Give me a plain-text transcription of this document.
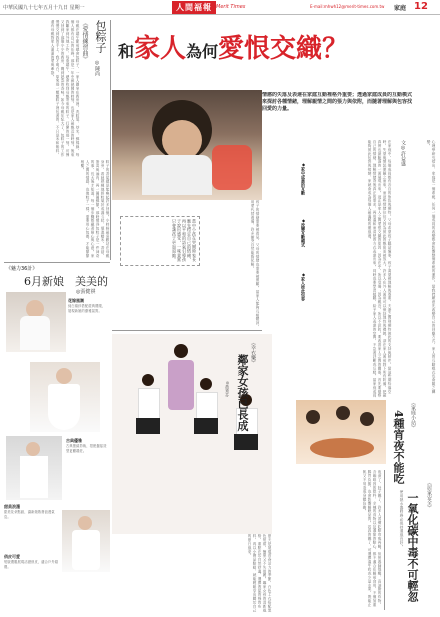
中華民國九十七年五月十九日 星期一	人間福報 Merit Times	E-mail:mhwh12@merit-times.com.tw 家庭 12
母親在端午節前總會包粽子，一家人圍坐在廚房裡，洗粽葉、炒米、綁棉線，每個人都有自己的任務。那是一年中最熱鬧的時刻，也是家人最親近的時刻。後來我離家到外地工作，每逢端午，總會收到母親寄來的粽子，打開的那一刻，彷彿又回到了那個小小的廚房，聞到熟悉的香味。如今母親年紀大了，包粽子的工作慢慢交到我的手上，我才明白，原來那一顆顆粽子裡包著的，不只是米和餡料，還有母親對家人滿滿的愛與牽掛。	《愛情練習曲》 包粽子
◎陳尚
粽子的香氣總是能喚起許多回憶。小時候最喜歡站在母親身旁，看她熟練地將粽葉折成漏斗狀，填進糯米、香菇、蛋黃與滷肉，再一圈圈綁緊。那時覺得包粽子是一件神奇的事，長大後才知道，每一個步驟都藏著耐心與心意。家人之間的情感，也像粽子一樣，需要用心包裹，才能緊緊相繫。
和家人為何愛恨交織？
情感的失落及表達在家庭互動裡格外重要；透過家庭成員的互動模式來探討各種情緒，理解親情之間的張力與依附，而隨著理解與包容找回愛的力量。
文◎許益盛
在家庭中，每個成員都有各自的角色與期待。父母希望孩子聽話懂事，孩子渴望被理解與尊重，夫妻之間則期待彼此的支持與陪伴。當這些期待落空時，失望與憤怒便隨之而來，而這些情緒往往又因為彼此的親密而被放大。許多人在外人面前可以保持理性與禮貌，卻在家人面前卸下所有防備，把最真實也最脆弱的一面展現出來。這正是家人之間愛恨交織的原因：因為在乎，所以受傷；因為親近，所以不設防。要改善家人之間的關係，首先要覺察自己的情緒，理解情緒背後真正的需求，再用溫和而清楚的方式表達出來。同時也要學習傾聽，給予家人表達的空間，不急著評斷或反駁。當家庭成員能夠彼此包容與接納，家就會成為每個人最溫暖的避風港。	心理學研究指出，家庭是一個系統，任何一個成員的改變都會影響整個系統的運作。當我們願意先改變自己的回應方式，家人的互動模式也會隨之轉變。
當中小孩在哭鬧時家長應先穩定自己的情緒，再以平和的語氣引導孩子說出感受，一味責罵只會讓孩子更加退縮。
◆家中成員的互動
◆改變互動模式
◆家人彼此包容
孩子的情緒需要被看見，父母的情緒也需要被照顧。當家人能夠互相體諒，用愛代替責備，許多衝突自然能夠化解。
《魅力36計》
6月新娘　美美的
◎張健祺
花嫁風潮
純白頭紗搭配經典禮服，展現新娘的優雅氣質。
古典優雅
古典蕾絲剪裁，搭配盤髮造型更顯端莊。
甜美浪漫
甜美花朵點綴，讓新娘散發浪漫氣息。
俏皮可愛
短版禮服展現活潑俏皮，適合戶外婚禮。
《幸衣樂》
鄰家女孩已長成
◎黃秀芬
夏天是展現青春活力的季節，白色上衣搭配黑色短裙，簡單又不失俏麗。鄰家女孩的清新風格，重點在於自然舒適，選擇透氣的棉質布料，再以小飾品點綴，就能輕鬆穿出屬於自己的夏日風采。
《家庭小站》
4種宵夜不能吃
夜深了，肚子餓了，許多人習慣吃點宵夜再睡。但營養師提醒，高油脂的炸物、含咖啡因的飲料、辛辣的食物以及過甜的點心，都不適合在睡前食用，不僅加重腸胃負擔，也會影響睡眠品質。若真的餓了，可選擇溫牛奶或少量水果，既能止飢又不易造成身體負擔。	《居家安全》
一氧化碳中毒不可輕忽
使用熱水器時務必保持通風良好。
